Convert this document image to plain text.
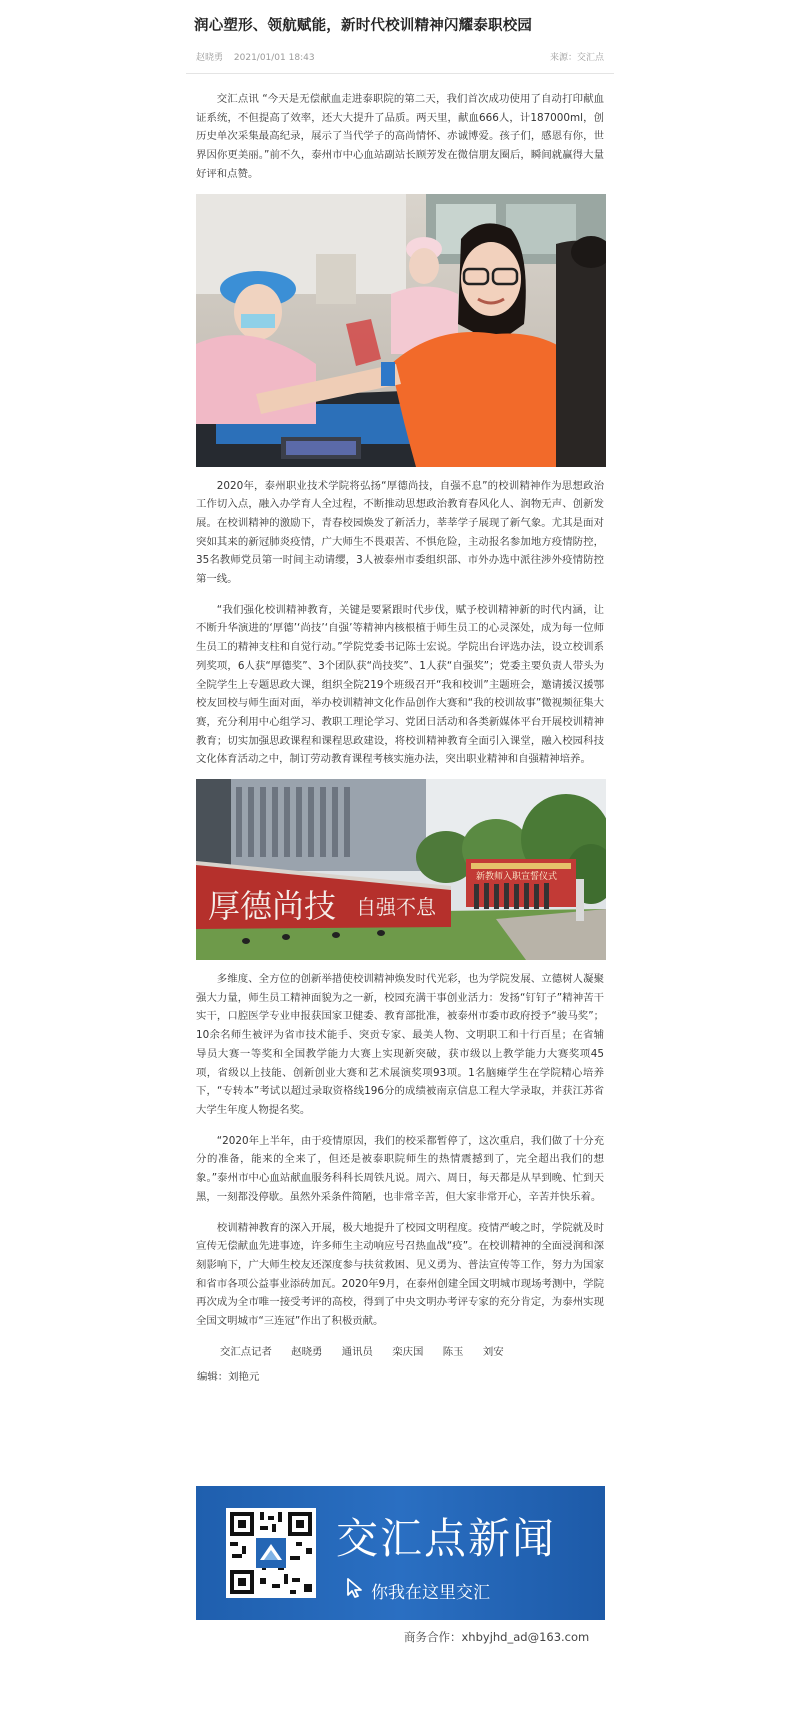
润心塑形、领航赋能，新时代校训精神闪耀泰职校园
赵晓勇 2021/01/01 18:43	来源：交汇点

交汇点讯 “今天是无偿献血走进泰职院的第二天，我们首次成功使用了自动打印献血证系统，不但提高了效率，还大大提升了品质。两天里，献血666人，计187000ml，创历史单次采集最高纪录，展示了当代学子的高尚情怀、赤诚博爱。孩子们，感恩有你，世界因你更美丽。”前不久，泰州市中心血站副站长顾芳发在微信朋友圈后，瞬间就赢得大量好评和点赞。

2020年，泰州职业技术学院将弘扬“厚德尚技，自强不息”的校训精神作为思想政治工作切入点，融入办学育人全过程，不断推动思想政治教育春风化人、润物无声、创新发展。在校训精神的激励下，青春校园焕发了新活力，莘莘学子展现了新气象。尤其是面对突如其来的新冠肺炎疫情，广大师生不畏艰苦、不惧危险，主动报名参加地方疫情防控，35名教师党员第一时间主动请缨，3人被泰州市委组织部、市外办选中派往涉外疫情防控第一线。

“我们强化校训精神教育，关键是要紧跟时代步伐，赋予校训精神新的时代内涵，让不断升华演进的‘厚德’‘尚技’‘自强’等精神内核根植于师生员工的心灵深处，成为每一位师生员工的精神支柱和自觉行动。”学院党委书记陈士宏说。学院出台评选办法，设立校训系列奖项，6人获“厚德奖”、3个团队获“尚技奖”、1人获“自强奖”；党委主要负责人带头为全院学生上专题思政大课，组织全院219个班级召开“我和校训”主题班会，邀请援汉援鄂校友回校与师生面对面，举办校训精神文化作品创作大赛和“我的校训故事”微视频征集大赛，充分利用中心组学习、教职工理论学习、党团日活动和各类新媒体平台开展校训精神教育；切实加强思政课程和课程思政建设，将校训精神教育全面引入课堂，融入校园科技文化体育活动之中，制订劳动教育课程考核实施办法，突出职业精神和自强精神培养。

厚德尚技 自强不息
新教师入职宣誓仪式

多维度、全方位的创新举措使校训精神焕发时代光彩，也为学院发展、立德树人凝聚强大力量，师生员工精神面貌为之一新，校园充满干事创业活力：发扬“钉钉子”精神苦干实干，口腔医学专业申报获国家卫健委、教育部批准，被泰州市委市政府授予“骏马奖”；10余名师生被评为省市技术能手、突贡专家、最美人物、文明职工和十行百星；在省辅导员大赛一等奖和全国教学能力大赛上实现新突破，获市级以上教学能力大赛奖项45项，省级以上技能、创新创业大赛和艺术展演奖项93项。1名脑瘫学生在学院精心培养下，“专转本”考试以超过录取资格线196分的成绩被南京信息工程大学录取，并获江苏省大学生年度人物提名奖。

“2020年上半年，由于疫情原因，我们的校采都暂停了，这次重启，我们做了十分充分的准备，能来的全来了，但还是被泰职院师生的热情震撼到了，完全超出我们的想象。”泰州市中心血站献血服务科科长周铁凡说。周六、周日，每天都是从早到晚、忙到天黑，一刻都没停歇。虽然外采条件简陋，也非常辛苦，但大家非常开心，辛苦并快乐着。

校训精神教育的深入开展，极大地提升了校园文明程度。疫情严峻之时，学院就及时宣传无偿献血先进事迹，许多师生主动响应号召热血战“疫”。在校训精神的全面浸润和深刻影响下，广大师生校友还深度参与扶贫救困、见义勇为、普法宣传等工作，努力为国家和省市各项公益事业添砖加瓦。2020年9月，在泰州创建全国文明城市现场考测中，学院再次成为全市唯一接受考评的高校，得到了中央文明办考评专家的充分肯定，为泰州实现全国文明城市“三连冠”作出了积极贡献。

交汇点记者 赵晓勇 通讯员 栾庆国 陈玉 刘安
编辑：刘艳元
交汇点新闻
你我在这里交汇
商务合作：xhbyjhd_ad@163.com
